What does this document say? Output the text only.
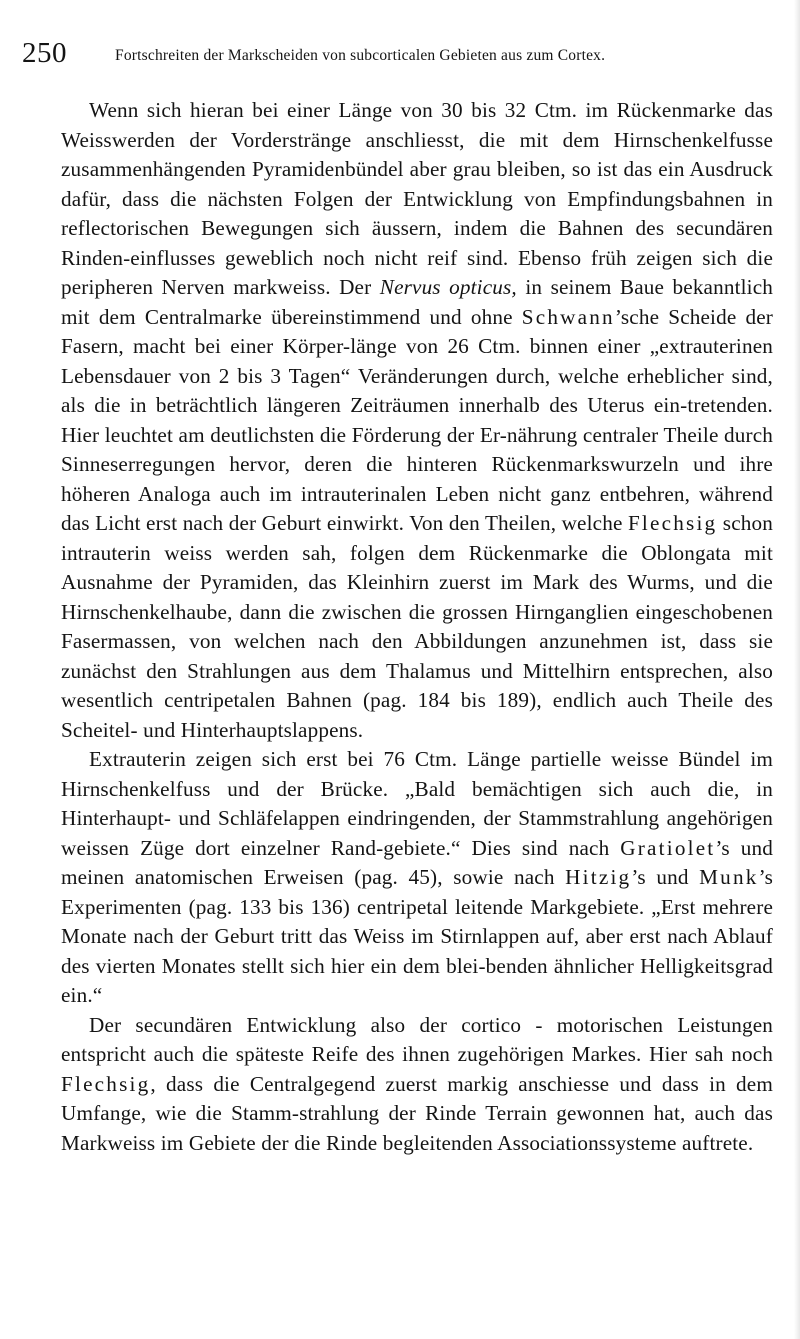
250	Fortschreiten der Markscheiden von subcorticalen Gebieten aus zum Cortex.

Wenn sich hieran bei einer Länge von 30 bis 32 Ctm. im Rückenmarke das Weisswerden der Vorderstränge anschliesst, die mit dem Hirnschenkelfusse zusammenhängenden Pyramidenbündel aber grau bleiben, so ist das ein Ausdruck dafür, dass die nächsten Folgen der Entwicklung von Empfindungsbahnen in reflectorischen Bewegungen sich äussern, indem die Bahnen des secundären Rinden-einflusses geweblich noch nicht reif sind. Ebenso früh zeigen sich die peripheren Nerven markweiss. Der Nervus opticus, in seinem Baue bekanntlich mit dem Centralmarke übereinstimmend und ohne Schwann’sche Scheide der Fasern, macht bei einer Körper-länge von 26 Ctm. binnen einer „extrauterinen Lebensdauer von 2 bis 3 Tagen“ Veränderungen durch, welche erheblicher sind, als die in beträchtlich längeren Zeiträumen innerhalb des Uterus ein-tretenden. Hier leuchtet am deutlichsten die Förderung der Er-nährung centraler Theile durch Sinneserregungen hervor, deren die hinteren Rückenmarkswurzeln und ihre höheren Analoga auch im intrauterinalen Leben nicht ganz entbehren, während das Licht erst nach der Geburt einwirkt. Von den Theilen, welche Flechsig schon intrauterin weiss werden sah, folgen dem Rückenmarke die Oblongata mit Ausnahme der Pyramiden, das Kleinhirn zuerst im Mark des Wurms, und die Hirnschenkelhaube, dann die zwischen die grossen Hirnganglien eingeschobenen Fasermassen, von welchen nach den Abbildungen anzunehmen ist, dass sie zunächst den Strahlungen aus dem Thalamus und Mittelhirn entsprechen, also wesentlich centripetalen Bahnen (pag. 184 bis 189), endlich auch Theile des Scheitel- und Hinterhauptslappens.

Extrauterin zeigen sich erst bei 76 Ctm. Länge partielle weisse Bündel im Hirnschenkelfuss und der Brücke. „Bald bemächtigen sich auch die, in Hinterhaupt- und Schläfelappen eindringenden, der Stammstrahlung angehörigen weissen Züge dort einzelner Rand-gebiete.“ Dies sind nach Gratiolet’s und meinen anatomischen Erweisen (pag. 45), sowie nach Hitzig’s und Munk’s Experimenten (pag. 133 bis 136) centripetal leitende Markgebiete. „Erst mehrere Monate nach der Geburt tritt das Weiss im Stirnlappen auf, aber erst nach Ablauf des vierten Monates stellt sich hier ein dem blei-benden ähnlicher Helligkeitsgrad ein.“

Der secundären Entwicklung also der cortico - motorischen Leistungen entspricht auch die späteste Reife des ihnen zugehörigen Markes. Hier sah noch Flechsig, dass die Centralgegend zuerst markig anschiesse und dass in dem Umfange, wie die Stamm-strahlung der Rinde Terrain gewonnen hat, auch das Markweiss im Gebiete der die Rinde begleitenden Associationssysteme auftrete.
